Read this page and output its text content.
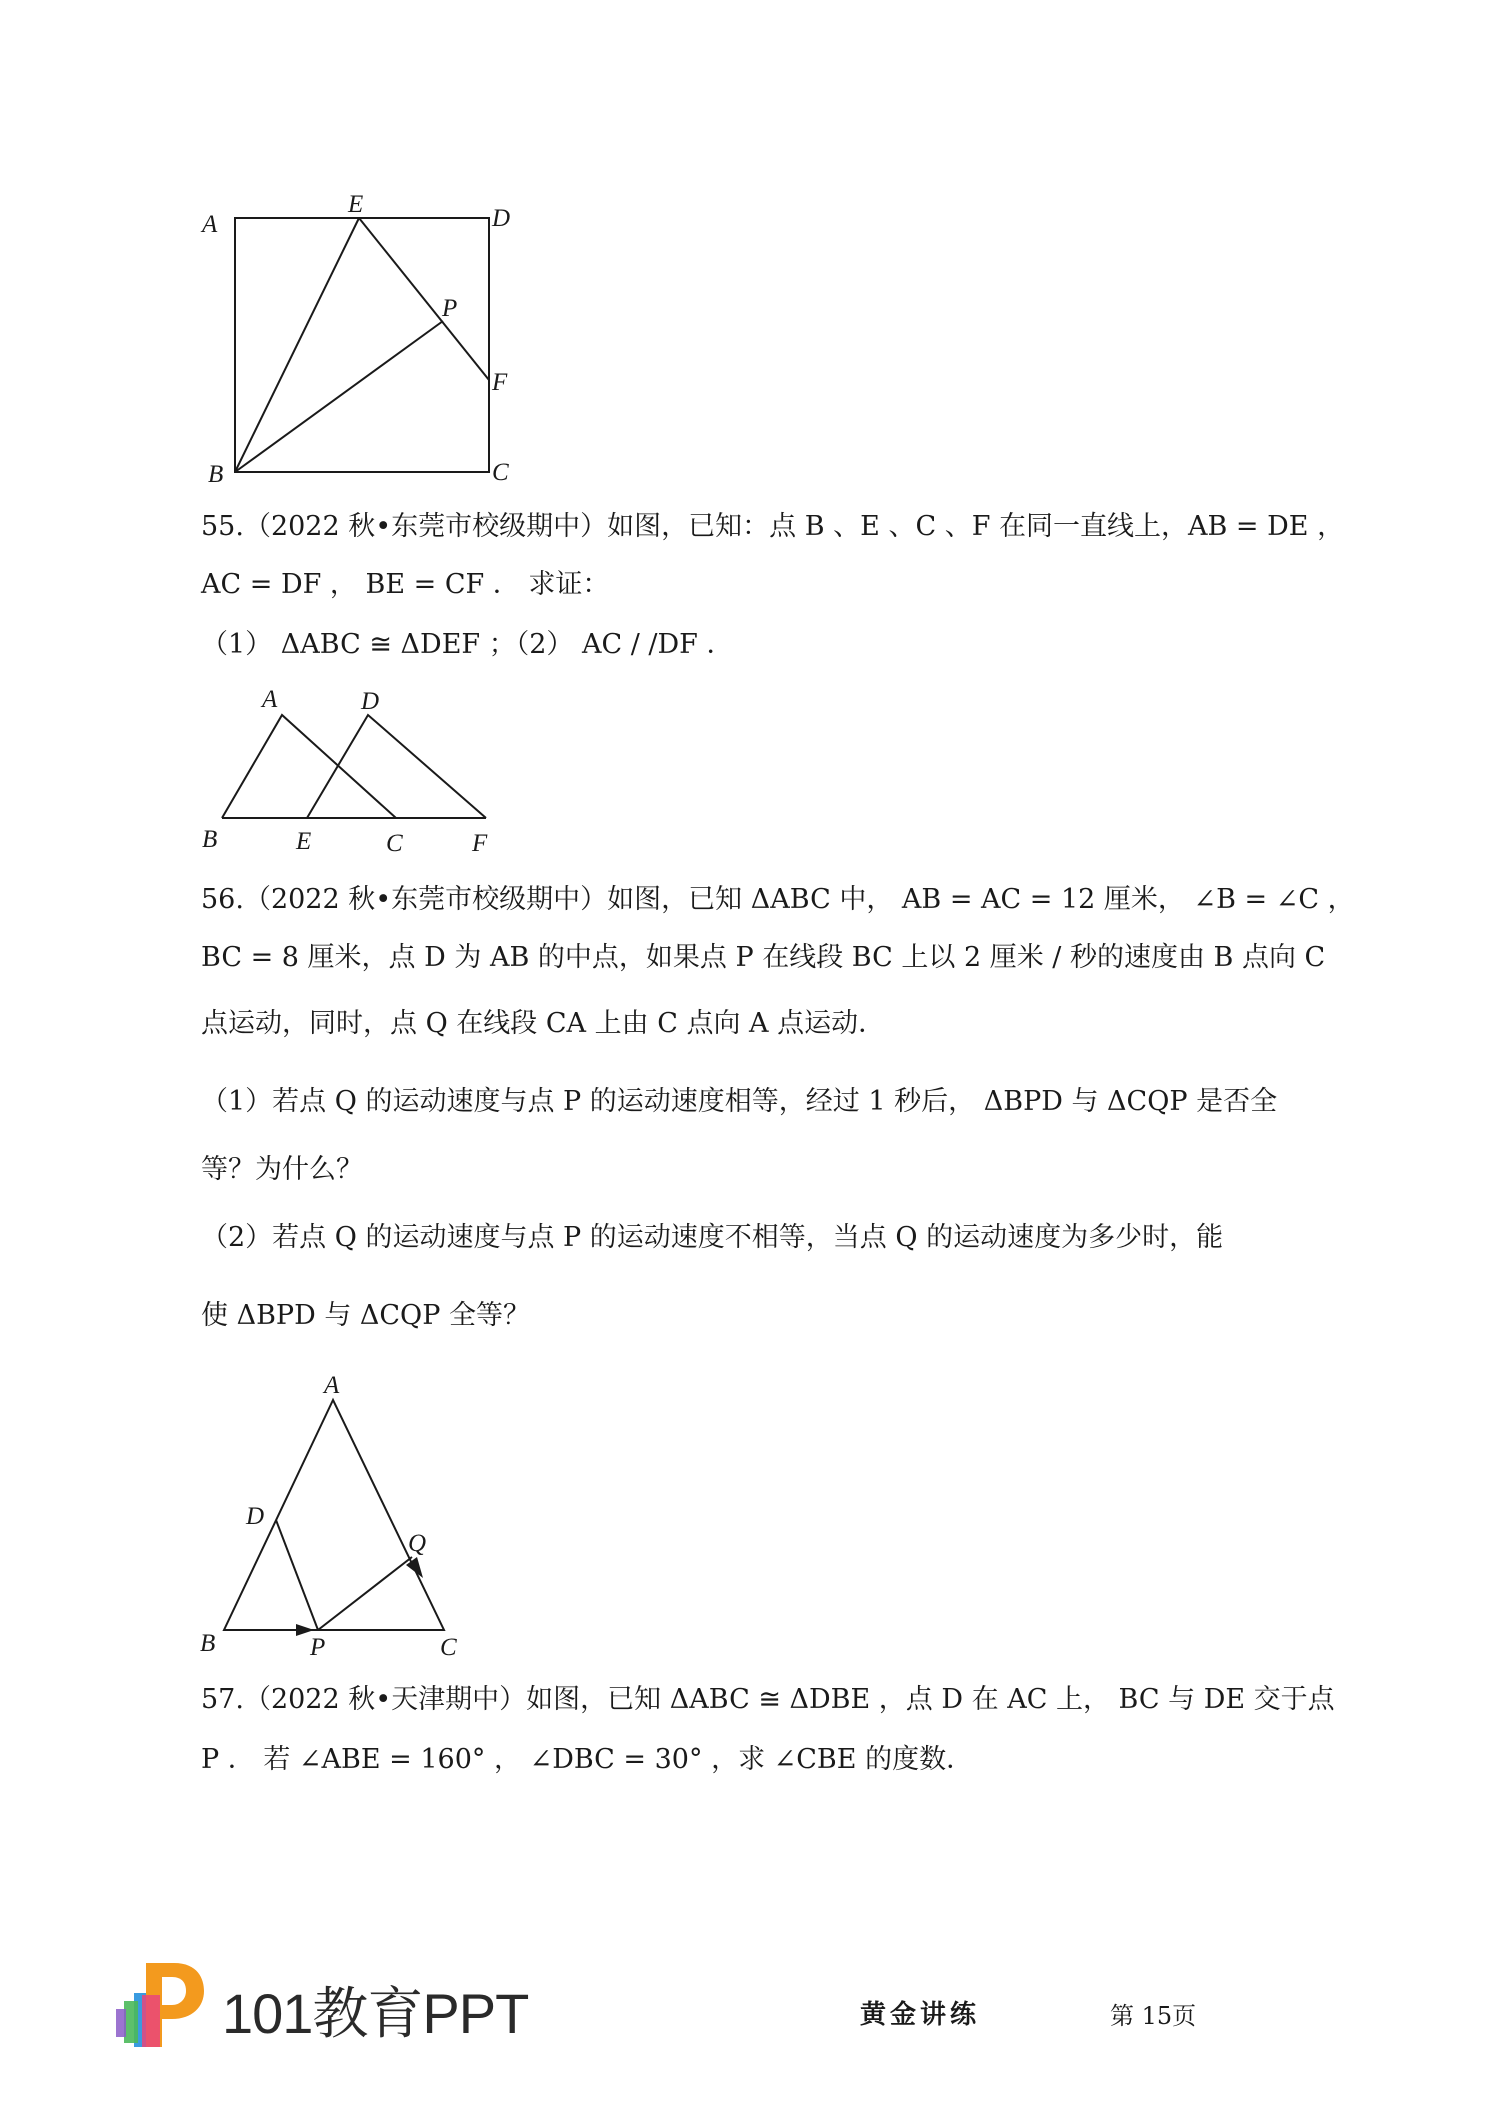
A
E
D
P
F
B	C
55.（2022 秋•东莞市校级期中）如图，已知：点 B 、E 、C 、F 在同一直线上，AB = DE ，
AC = DF ， BE = CF ． 求证：
（1） ΔABC ≅ ΔDEF ；（2） AC / /DF ．
A	D
B	E	C	F
56.（2022 秋•东莞市校级期中）如图，已知 ΔABC 中， AB = AC = 12 厘米， ∠B = ∠C ，
BC = 8 厘米，点 D 为 AB 的中点，如果点 P 在线段 BC 上以 2 厘米 / 秒的速度由 B 点向 C
点运动，同时，点 Q 在线段 CA 上由 C 点向 A 点运动．
（1）若点 Q 的运动速度与点 P 的运动速度相等，经过 1 秒后， ΔBPD 与 ΔCQP 是否全
等？为什么？
（2）若点 Q 的运动速度与点 P 的运动速度不相等，当点 Q 的运动速度为多少时，能
使 ΔBPD 与 ΔCQP 全等？
A
D
Q
B	P	C
57.（2022 秋•天津期中）如图，已知 ΔABC ≅ ΔDBE ，点 D 在 AC 上， BC 与 DE 交于点
P ． 若 ∠ABE = 160° ， ∠DBC = 30° ，求 ∠CBE 的度数．
101教育PPT	黄金讲练	第 15页
